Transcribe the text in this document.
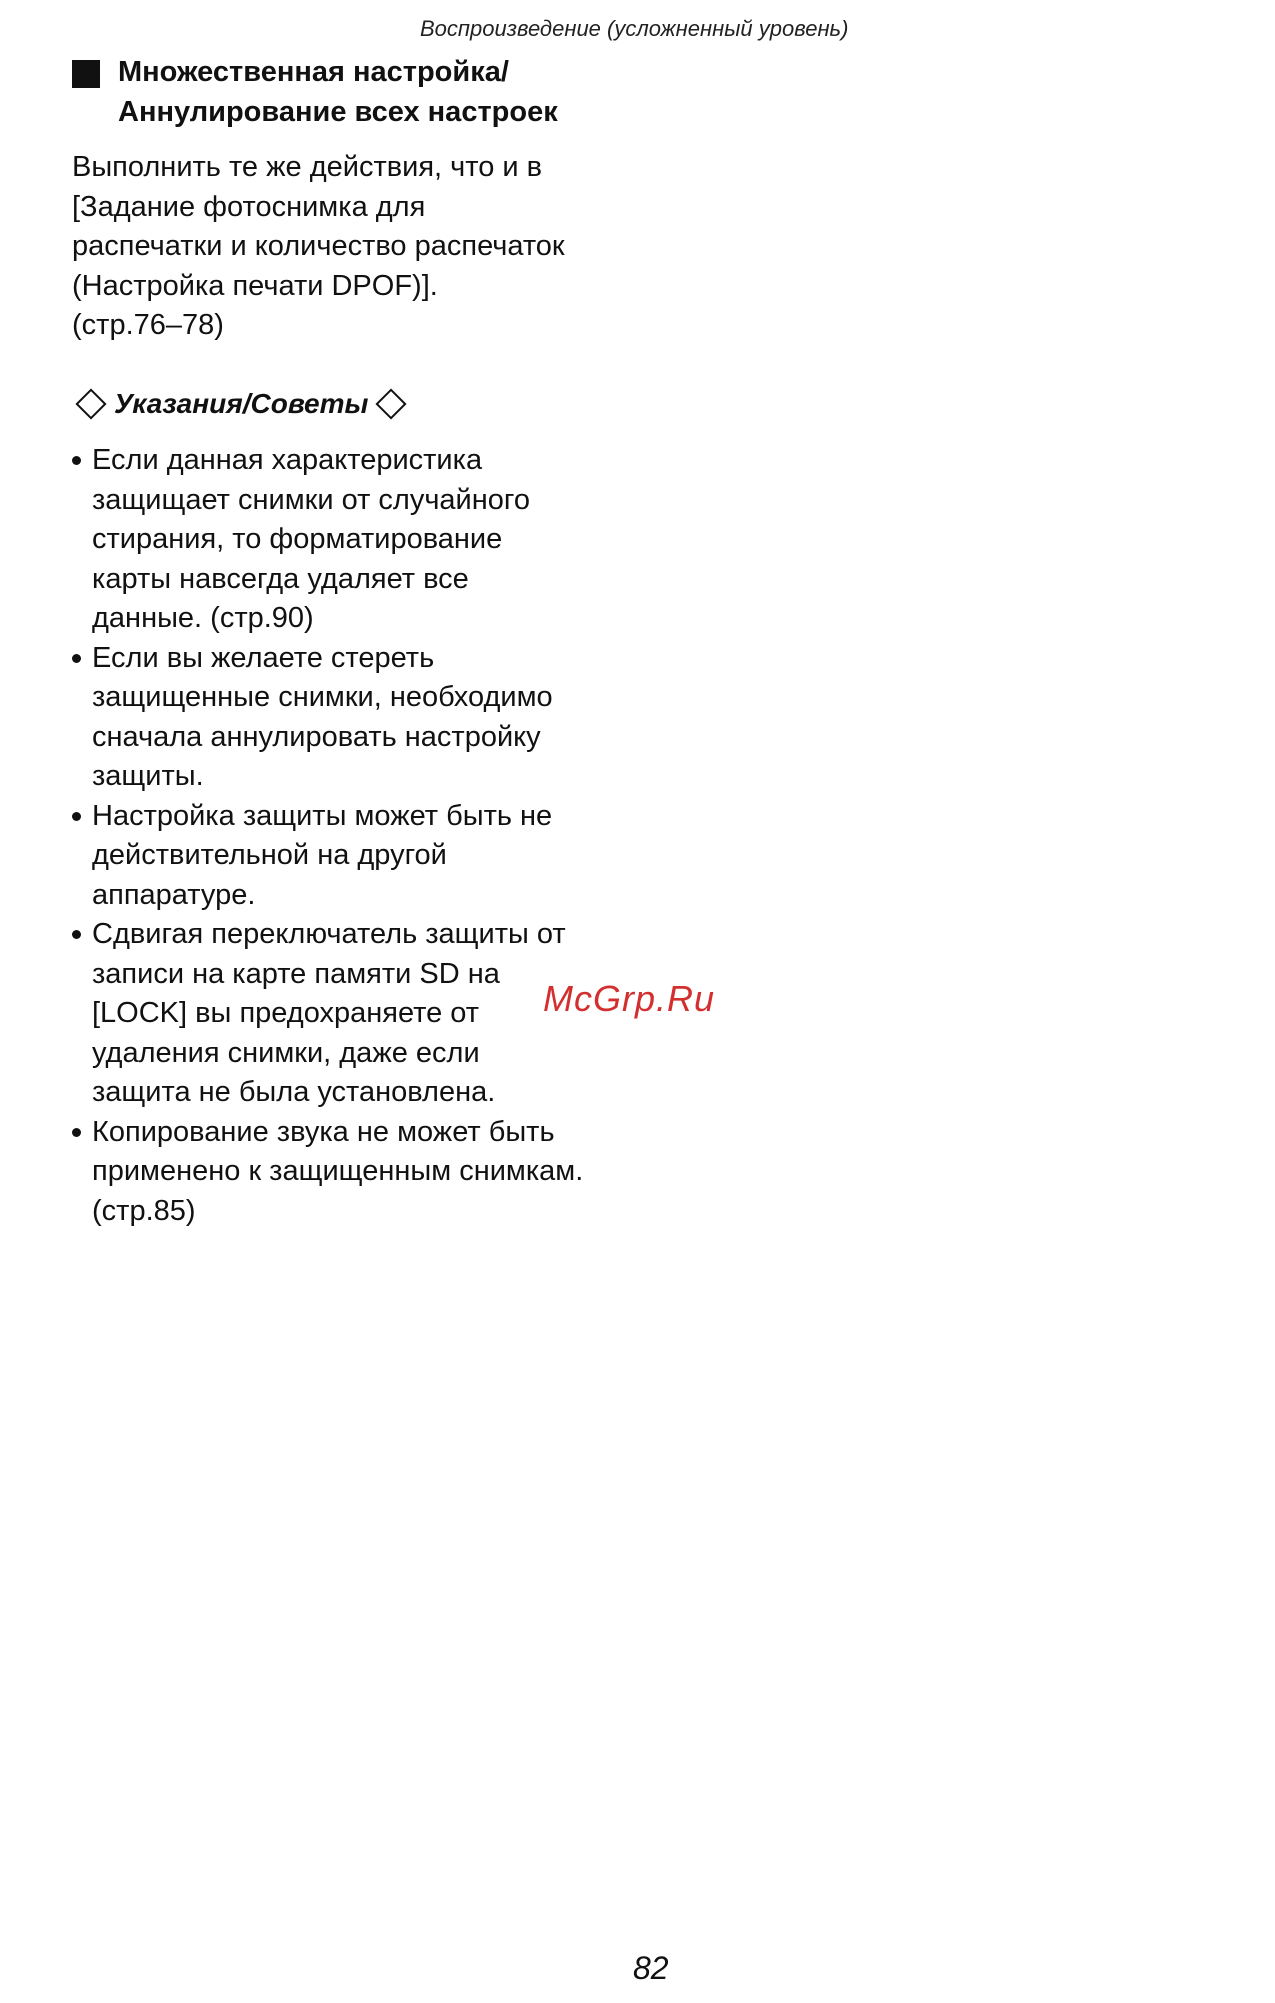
Воспроизведение (усложненный уровень)
Множественная настройка/
Аннулирование всех настроек
Выполнить те же действия, что и в
[Задание фотоснимка для
распечатки и количество распечаток
(Настройка печати DPOF)].
(стр.76–78)
Указания/Советы
Если данная характеристика
защищает снимки от случайного
стирания, то форматирование
карты навсегда удаляет все
данные. (стр.90)
Если вы желаете стереть
защищенные снимки, необходимо
сначала аннулировать настройку
защиты.
Настройка защиты может быть не
действительной на другой
аппаратуре.
Сдвигая переключатель защиты от
записи на карте памяти SD на
[LOCK] вы предохраняете от
удаления снимки, даже если
защита не была установлена.
Копирование звука не может быть
применено к защищенным снимкам.
(стр.85)
McGrp.Ru
82
